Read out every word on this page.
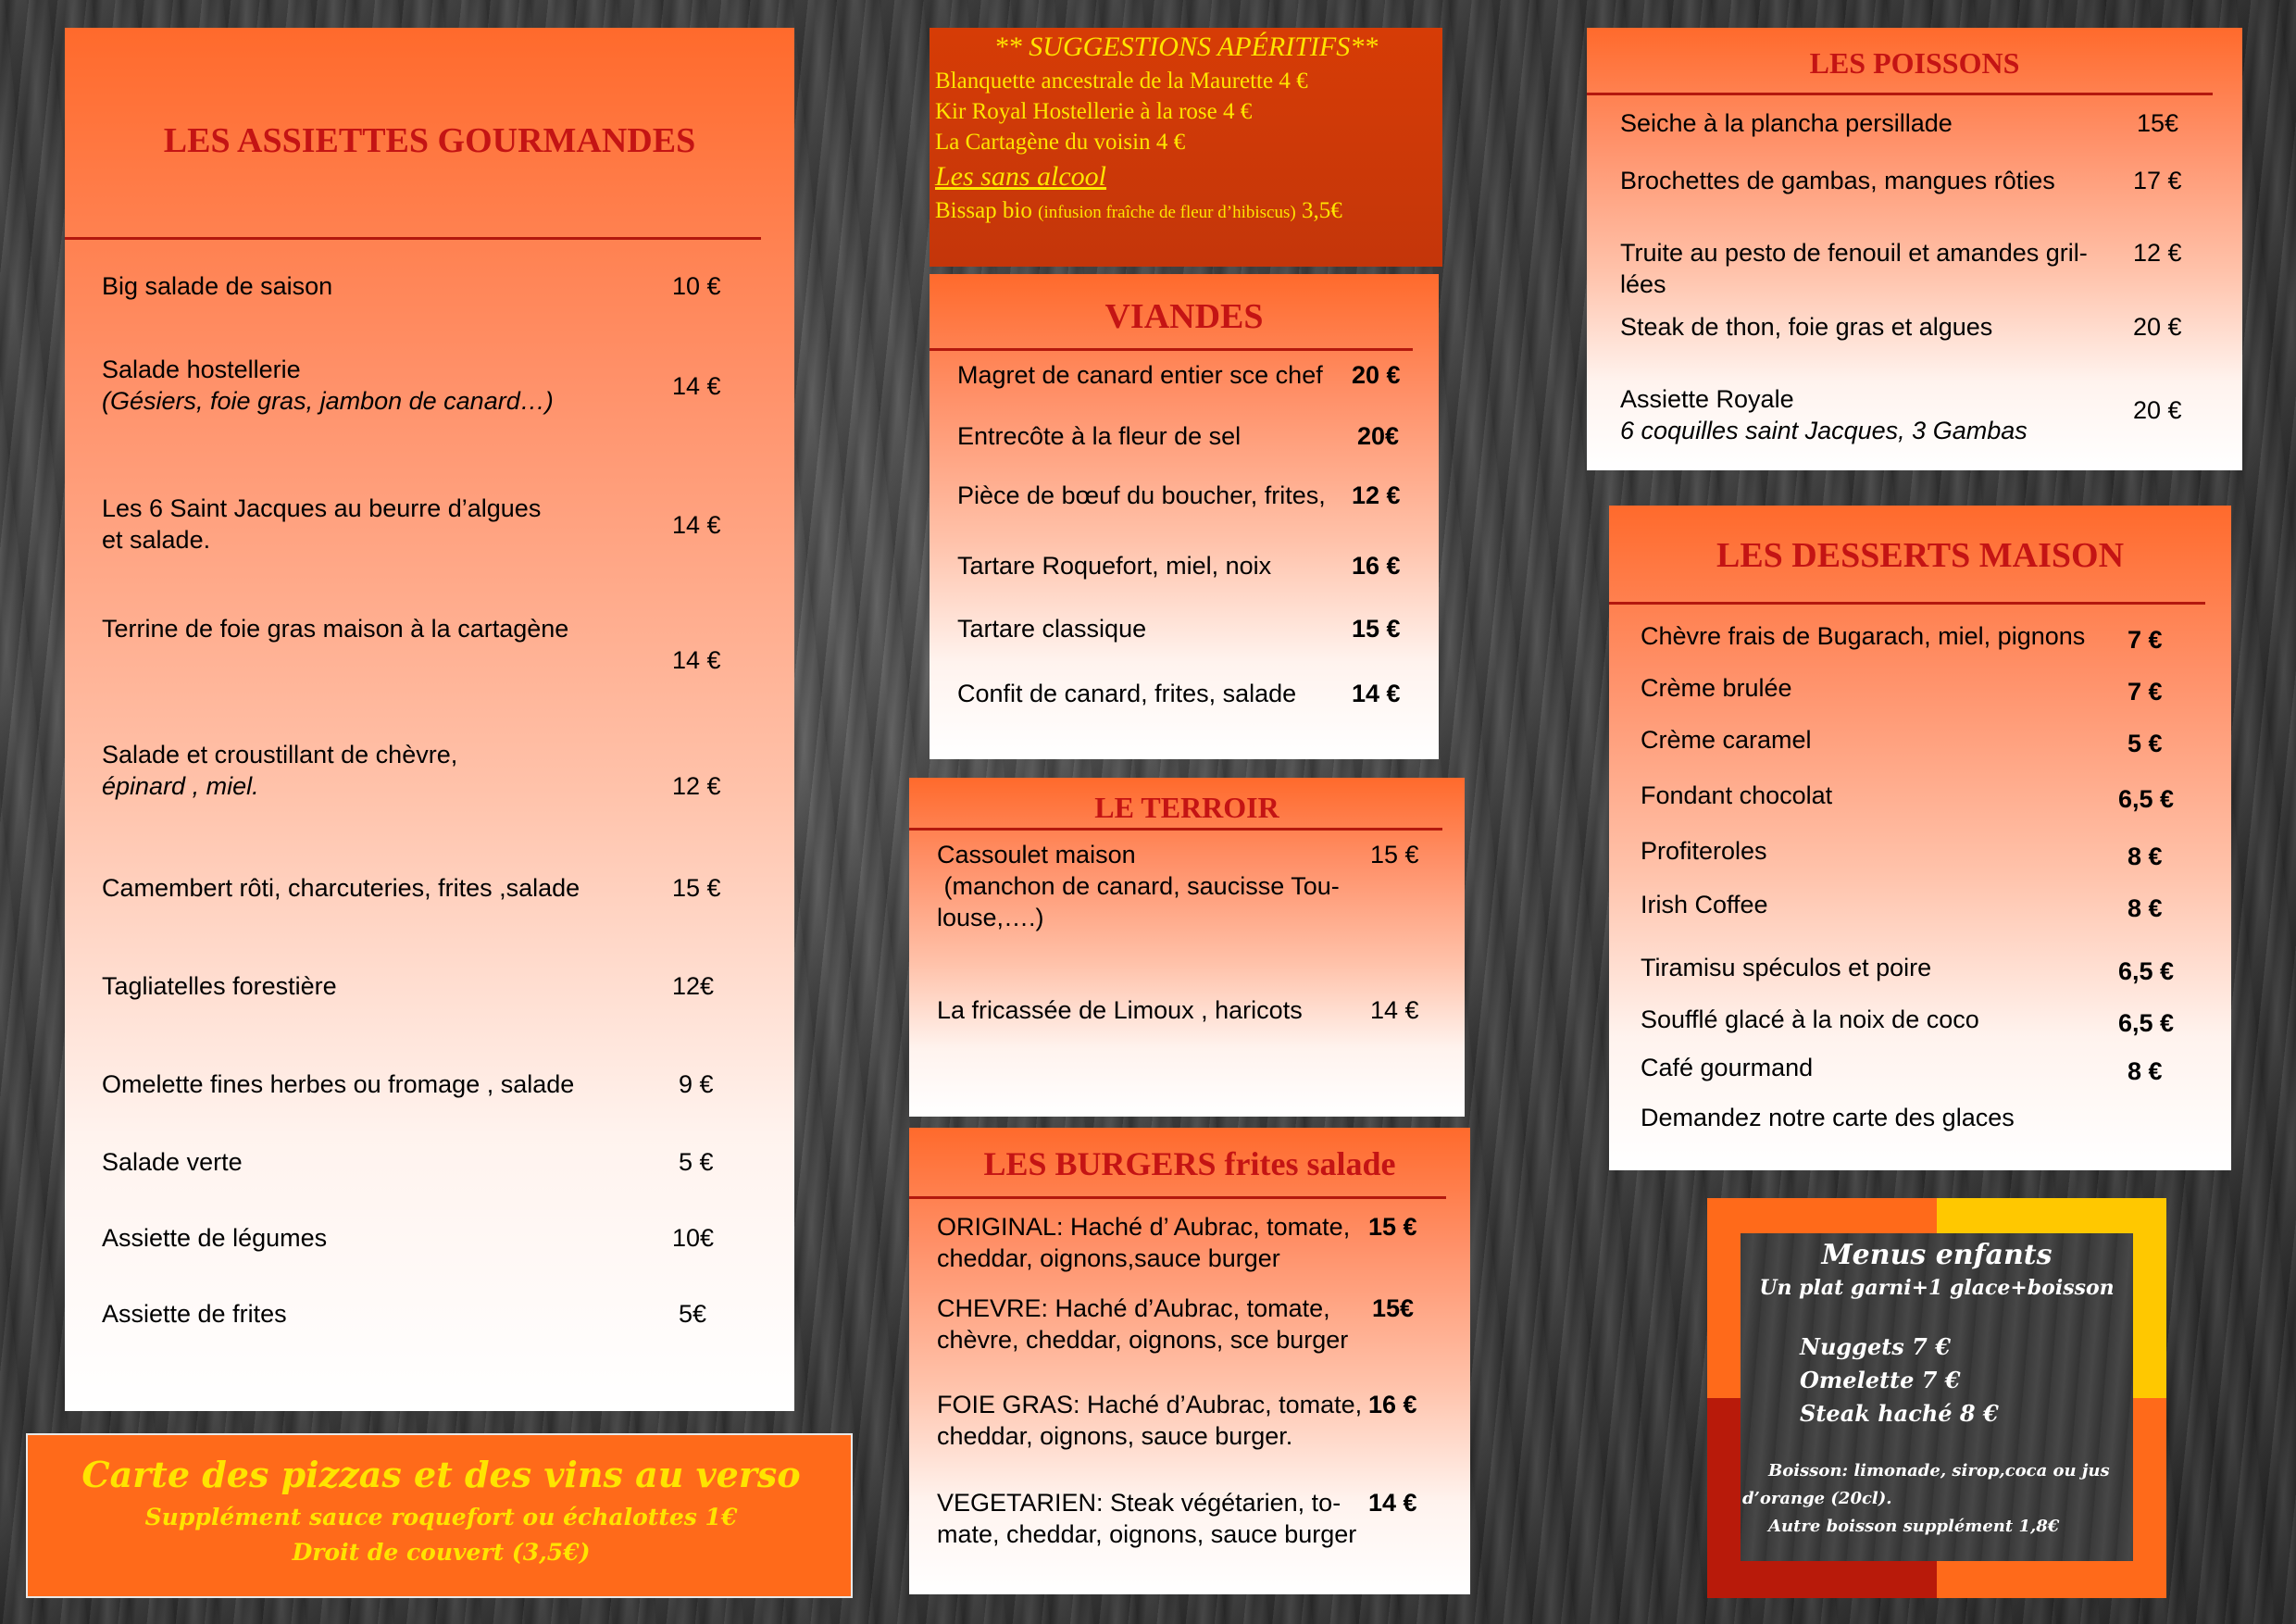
LES ASSIETTES GOURMANDES
Big salade de saison	10 €
Salade hostellerie
(Gésiers, foie gras, jambon de canard…)
14 €
Les 6 Saint Jacques au beurre d’algues
et salade.
14 €
Terrine de foie gras maison à la cartagène
14 €
Salade et croustillant de chèvre,
épinard , miel.	12 €
Camembert rôti, charcuteries, frites ,salade	15 €
Tagliatelles forestière	12€
Omelette fines herbes ou fromage , salade	9 €
Salade verte	5 €
Assiette de légumes	10€
Assiette de frites	5€
Carte des pizzas et des vins au verso
Supplément sauce roquefort ou échalottes 1€
Droit de couvert (3,5€)
** SUGGESTIONS APÉRITIFS**
Blanquette ancestrale de la Maurette 4 €
Kir Royal Hostellerie à la rose 4 €
La Cartagène du voisin 4 €
Les sans alcool
Bissap bio (infusion fraîche de fleur d’hibiscus) 3,5€
VIANDES
Magret de canard entier sce chef 20 €
Entrecôte à la fleur de sel	20€
Pièce de bœuf du boucher, frites, 12 €
Tartare Roquefort, miel, noix	16 €
Tartare classique	15 €
Confit de canard, frites, salade 14 €
LE TERROIR
Cassoulet maison
(manchon de canard, saucisse Tou-
louse,….)
15 €
La fricassée de Limoux , haricots	14 €
LES BURGERS frites salade
ORIGINAL: Haché d’ Aubrac, tomate,
cheddar, oignons,sauce burger
15 €
CHEVRE: Haché d’Aubrac, tomate,
chèvre, cheddar, oignons, sce burger
15€
FOIE GRAS: Haché d’Aubrac, tomate,
cheddar, oignons, sauce burger.
16 €
VEGETARIEN: Steak végétarien, to-
mate, cheddar, oignons, sauce burger
14 €
LES POISSONS
Seiche à la plancha persillade	15€
Brochettes de gambas, mangues rôties	17 €
Truite au pesto de fenouil et amandes gril-
lées
12 €
Steak de thon, foie gras et algues	20 €
Assiette Royale
6 coquilles saint Jacques, 3 Gambas
20 €
LES DESSERTS MAISON
Chèvre frais de Bugarach, miel, pignons 7 €
Crème brulée	7 €
Crème caramel	5 €
Fondant chocolat	6,5 €
Profiteroles	8 €
Irish Coffee	8 €
Tiramisu spéculos et poire	6,5 €
Soufflé glacé à la noix de coco	6,5 €
Café gourmand	8 €
Demandez notre carte des glaces
Menus enfants
Un plat garni+1 glace+boisson
Nuggets 7 €
Omelette 7 €
Steak haché 8 €
Boisson: limonade, sirop,coca ou jus
d’orange (20cl).
Autre boisson supplément 1,8€
